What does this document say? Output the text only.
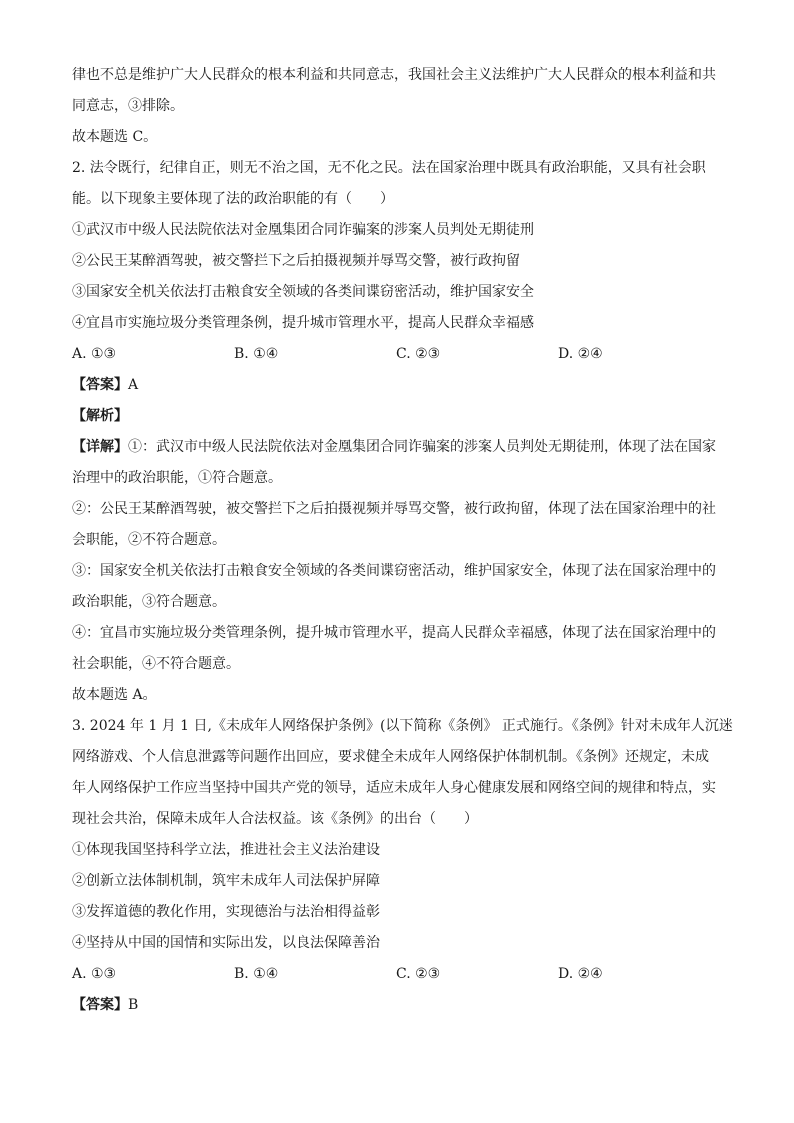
律也不总是维护广大人民群众的根本利益和共同意志，我国社会主义法维护广大人民群众的根本利益和共
同意志，③排除。
故本题选 C。
2. 法令既行，纪律自正，则无不治之国，无不化之民。法在国家治理中既具有政治职能，又具有社会职
能。以下现象主要体现了法的政治职能的有（　　）
①武汉市中级人民法院依法对金凰集团合同诈骗案的涉案人员判处无期徒刑
②公民王某醉酒驾驶，被交警拦下之后拍摄视频并辱骂交警，被行政拘留
③国家安全机关依法打击粮食安全领域的各类间谍窃密活动，维护国家安全
④宜昌市实施垃圾分类管理条例，提升城市管理水平，提高人民群众幸福感
A. ①③	B. ①④	C. ②③	D. ②④
【答案】A
【解析】
【详解】①：武汉市中级人民法院依法对金凰集团合同诈骗案的涉案人员判处无期徒刑，体现了法在国家
治理中的政治职能，①符合题意。
②：公民王某醉酒驾驶，被交警拦下之后拍摄视频并辱骂交警，被行政拘留，体现了法在国家治理中的社
会职能，②不符合题意。
③：国家安全机关依法打击粮食安全领域的各类间谍窃密活动，维护国家安全，体现了法在国家治理中的
政治职能，③符合题意。
④：宜昌市实施垃圾分类管理条例，提升城市管理水平，提高人民群众幸福感，体现了法在国家治理中的
社会职能，④不符合题意。
故本题选 A。
3. 2024 年 1 月 1 日,《未成年人网络保护条例》(以下简称《条例》 正式施行。《条例》针对未成年人沉迷
网络游戏、个人信息泄露等问题作出回应，要求健全未成年人网络保护体制机制。《条例》还规定，未成
年人网络保护工作应当坚持中国共产党的领导，适应未成年人身心健康发展和网络空间的规律和特点，实
现社会共治，保障未成年人合法权益。该《条例》的出台（　　）
①体现我国坚持科学立法，推进社会主义法治建设
②创新立法体制机制，筑牢未成年人司法保护屏障
③发挥道德的教化作用，实现德治与法治相得益彰
④坚持从中国的国情和实际出发，以良法保障善治
A. ①③	B. ①④	C. ②③	D. ②④
【答案】B
